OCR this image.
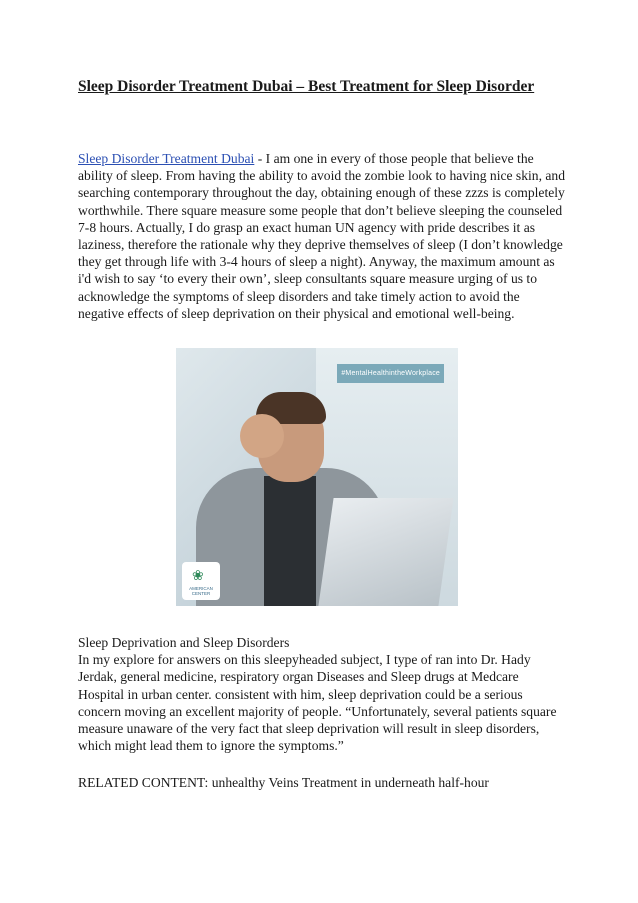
Sleep Disorder Treatment Dubai – Best Treatment for Sleep Disorder

Sleep Disorder Treatment Dubai - I am one in every of those people that believe the ability of sleep. From having the ability to avoid the zombie look to having nice skin, and searching contemporary throughout the day, obtaining enough of these zzzs is completely worthwhile. There square measure some people that don’t believe sleeping the counseled 7-8 hours. Actually, I do grasp an exact human UN agency with pride describes it as laziness, therefore the rationale why they deprive themselves of sleep (I don’t knowledge they get through life with 3-4 hours of sleep a night). Anyway, the maximum amount as i'd wish to say ‘to every their own’, sleep consultants square measure urging of us to acknowledge the symptoms of sleep disorders and take timely action to avoid the negative effects of sleep deprivation on their physical and emotional well-being.

#MentalHealthintheWorkplace
❀
AMERICAN CENTER

Sleep Deprivation and Sleep Disorders
In my explore for answers on this sleepyheaded subject, I type of ran into Dr. Hady Jerdak, general medicine, respiratory organ Diseases and Sleep drugs at Medcare Hospital in urban center. consistent with him, sleep deprivation could be a serious concern moving an excellent majority of people. “Unfortunately, several patients square measure unaware of the very fact that sleep deprivation will result in sleep disorders, which might lead them to ignore the symptoms.”

RELATED CONTENT: unhealthy Veins Treatment in underneath half-hour
